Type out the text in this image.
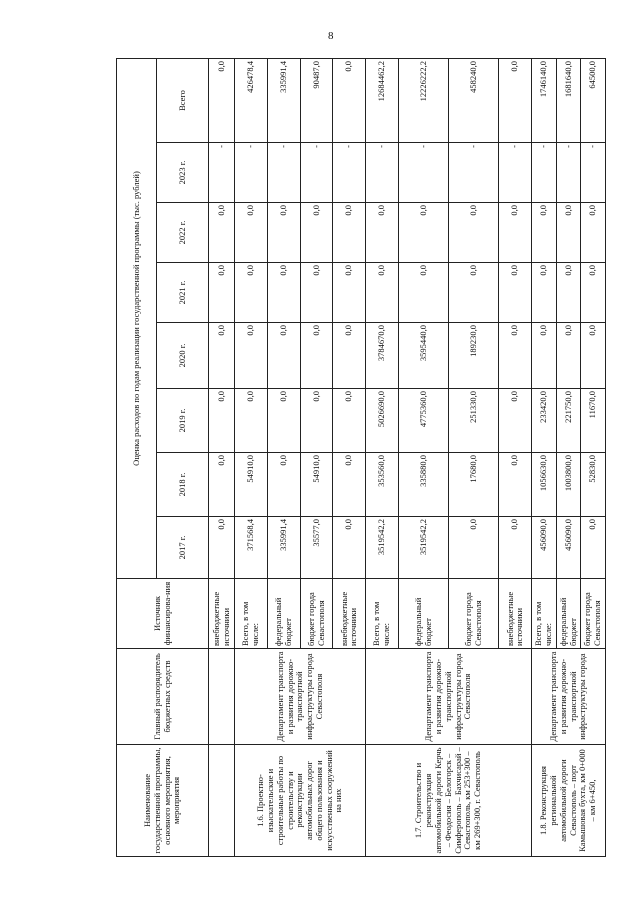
8
Наименование государственной программы, основного мероприятия, мероприятия	Главный распорядитель бюджетных средств	Источник финансирова-ния	Оценка расходов по годам реализации государственной программы (тыс. рублей)							
			2017 г.	2018 г.	2019 г.	2020 г.	2021 г.	2022 г.	2023 г.	Всего
		внебюджетные источники	0,0	0,0	0,0	0,0	0,0	0,0	-	0,0
1.6. Проектно-изыскательские и строительные работы по строительству и реконструкции автомобильных дорог общего пользования и искусственных сооружений на них	Департамент транспорта и развития дорожно-транспортной инфраструктуры города Севастополя	Всего, в том числе:	371568,4	54910,0	0,0	0,0	0,0	0,0	-	426478,4
		федеральный бюджет	335991,4	0,0	0,0	0,0	0,0	0,0	-	335991,4
		бюджет города Севастополя	35577,0	54910,0	0,0	0,0	0,0	0,0	-	90487,0
		внебюджетные источники	0,0	0,0	0,0	0,0	0,0	0,0	-	0,0
1.7. Строительство и реконструкция автомобильной дороги Керчь – Феодосия – Белогорск – Симферополь – Бахчисарай – Севастополь, км 253+300 – км 269+300, г. Севастополь	Департамент транспорта и развития дорожно-транспортной инфраструктуры города Севастополя	Всего, в том числе:	3519542,2	353560,0	5026690,0	3784670,0	0,0	0,0	-	12684462,2
		федеральный бюджет	3519542,2	335880,0	4775360,0	3595440,0	0,0	0,0	-	12226222,2
		бюджет города Севастополя	0,0	17680,0	251330,0	189230,0	0,0	0,0	-	458240,0
		внебюджетные источники	0,0	0,0	0,0	0,0	0,0	0,0	-	0,0
1.8. Реконструкция региональной автомобильной дороги Севастополь – порт Камышовая бухта, км 0+000 – км 6+450,	Департамент транспорта и развития дорожно-транспортной инфраструктуры города	Всего, в том числе:	456090,0	1056630,0	233420,0	0,0	0,0	0,0	-	1746140,0
		федеральный бюджет	456090,0	1003800,0	221750,0	0,0	0,0	0,0	-	1681640,0
		бюджет города Севастополя	0,0	52830,0	11670,0	0,0	0,0	0,0	-	64500,0
